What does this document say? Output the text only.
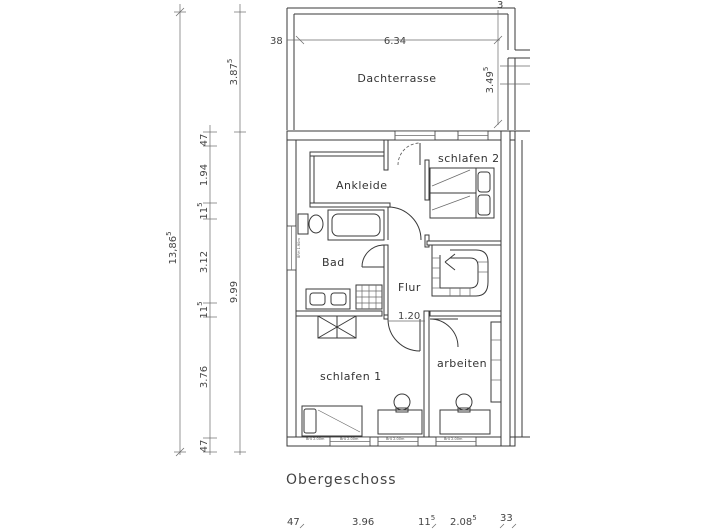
13,86$^5$
47
1.94
$11^5$
3.12
$11^5$
3.76
47
3.87$^5$
9.99
38	6.34
3
3.49$^5$
Dachterrasse
BRH 1.90m
Brü 2.00m	Brü 2.00m	Brü 2.00m
Brü 2.00m
1.20
schlafen 2
Ankleide
Bad
Flur
schlafen 1
arbeiten
Obergeschoss
47	3.96	$11^5$ 2.08$^5$ 33
